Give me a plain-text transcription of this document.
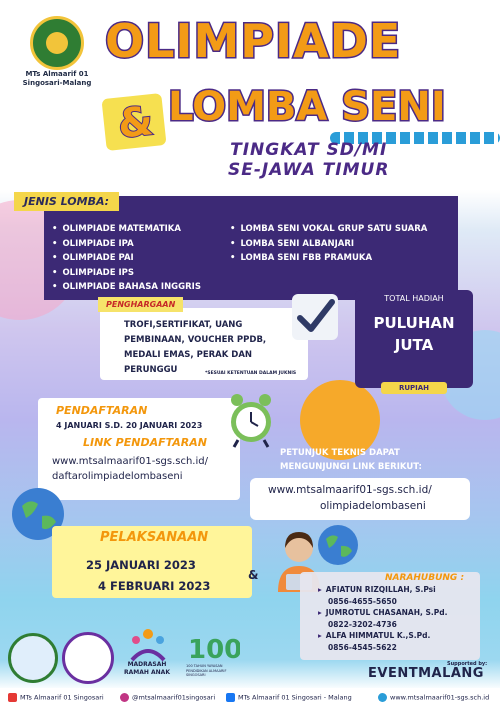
MTs Almaarif 01
Singosari-Malang
OLIMPIADE
& LOMBA SENI
TINGKAT SD/MI
SE-JAWA TIMUR
JENIS LOMBA:
• OLIMPIADE MATEMATIKA
• OLIMPIADE IPA
• OLIMPIADE PAI
• OLIMPIADE IPS
• OLIMPIADE BAHASA INGGRIS
• LOMBA SENI VOKAL GRUP SATU SUARA
• LOMBA SENI ALBANJARI
• LOMBA SENI FBB PRAMUKA
PENGHARGAAN
TROFI,SERTIFIKAT, UANG
PEMBINAAN, VOUCHER PPDB,
MEDALI EMAS, PERAK DAN
PERUNGGU	*SESUAI KETENTUAN DALAM JUKNIS
TOTAL HADIAH
PULUHAN
JUTA
RUPIAH
PENDAFTARAN
4 JANUARI S.D. 20 JANUARI 2023
LINK PENDAFTARAN
www.mtsalmaarif01-sgs.sch.id/
daftarolimpiadelombaseni
PETUNJUK TEKNIS DAPAT
MENGUNJUNGI LINK BERIKUT:
www.mtsalmaarif01-sgs.sch.id/
olimpiadelombaseni
PELAKSANAAN
25 JANUARI 2023
&
4 FEBRUARI 2023
NARAHUBUNG :
▸ AFIATUN RIZQILLAH, S.Psi
0856-4655-5650
▸ JUMROTUL CHASANAH, S.Pd.
0822-3202-4736
▸ ALFA HIMMATUL K.,S.Pd.
0856-4545-5622
MADRASAH
RAMAH ANAK
100
100 TAHUN YAYASAN PENDIDIKAN ALMAARIF SINGOSARI
Supported by:
EVENTMALANG
MTs Almaarif 01 Singosari	@mtsalmaarif01singosari	MTs Almaarif 01 Singosari - Malang	www.mtsalmaarif01-sgs.sch.id
